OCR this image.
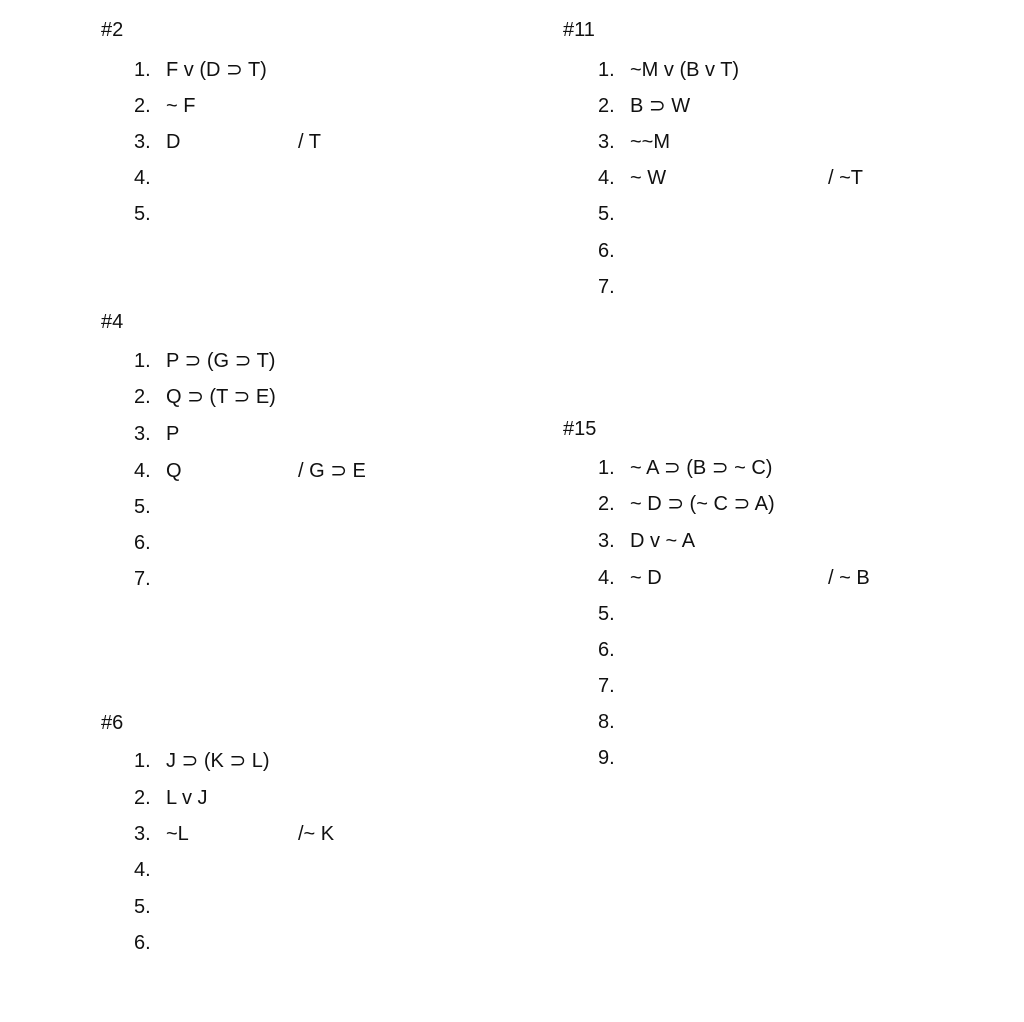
#2
1. F v (D ⊃ T)
2. ~ F
3. D	/ T
4.
5.
#4
1. P ⊃ (G ⊃ T)
2. Q ⊃ (T ⊃ E)
3. P
4. Q	/ G ⊃ E
5.
6.
7.
#6
1. J ⊃ (K ⊃ L)
2. L v J
3. ~L	/~ K
4.
5.
6.
#11
1. ~M v (B v T)
2. B ⊃ W
3. ~~M
4. ~ W	/ ~T
5.
6.
7.
#15
1. ~ A ⊃ (B ⊃ ~ C)
2. ~ D ⊃ (~ C ⊃ A)
3. D v ~ A
4. ~ D	/ ~ B
5.
6.
7.
8.
9.
